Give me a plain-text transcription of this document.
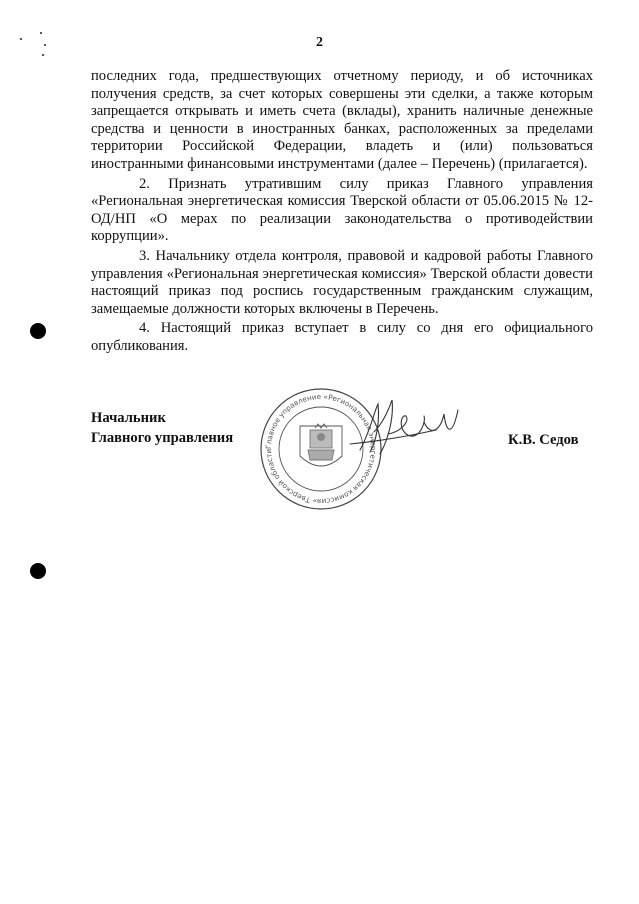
2

последних года, предшествующих отчетному периоду, и об источниках получения средств, за счет которых совершены эти сделки, а также которым запрещается открывать и иметь счета (вклады), хранить наличные денежные средства и ценности в иностранных банках, расположенных за пределами территории Российской Федерации, владеть и (или) пользоваться иностранными финансовыми инструментами (далее – Перечень) (прилагается).

2. Признать утратившим силу приказ Главного управления «Региональная энергетическая комиссия Тверской области от 05.06.2015 № 12-ОД/НП «О мерах по реализации законодательства о противодействии коррупции».

3. Начальнику отдела контроля, правовой и кадровой работы Главного управления «Региональная энергетическая комиссия» Тверской области довести настоящий приказ под роспись государственным гражданским служащим, замещаемые должности которых включены в Перечень.

4. Настоящий приказ вступает в силу со дня его официального опубликования.

Начальник
Главного управления
Главное управление «Региональная энергетическая комиссия» Тверской области
К.В. Седов
